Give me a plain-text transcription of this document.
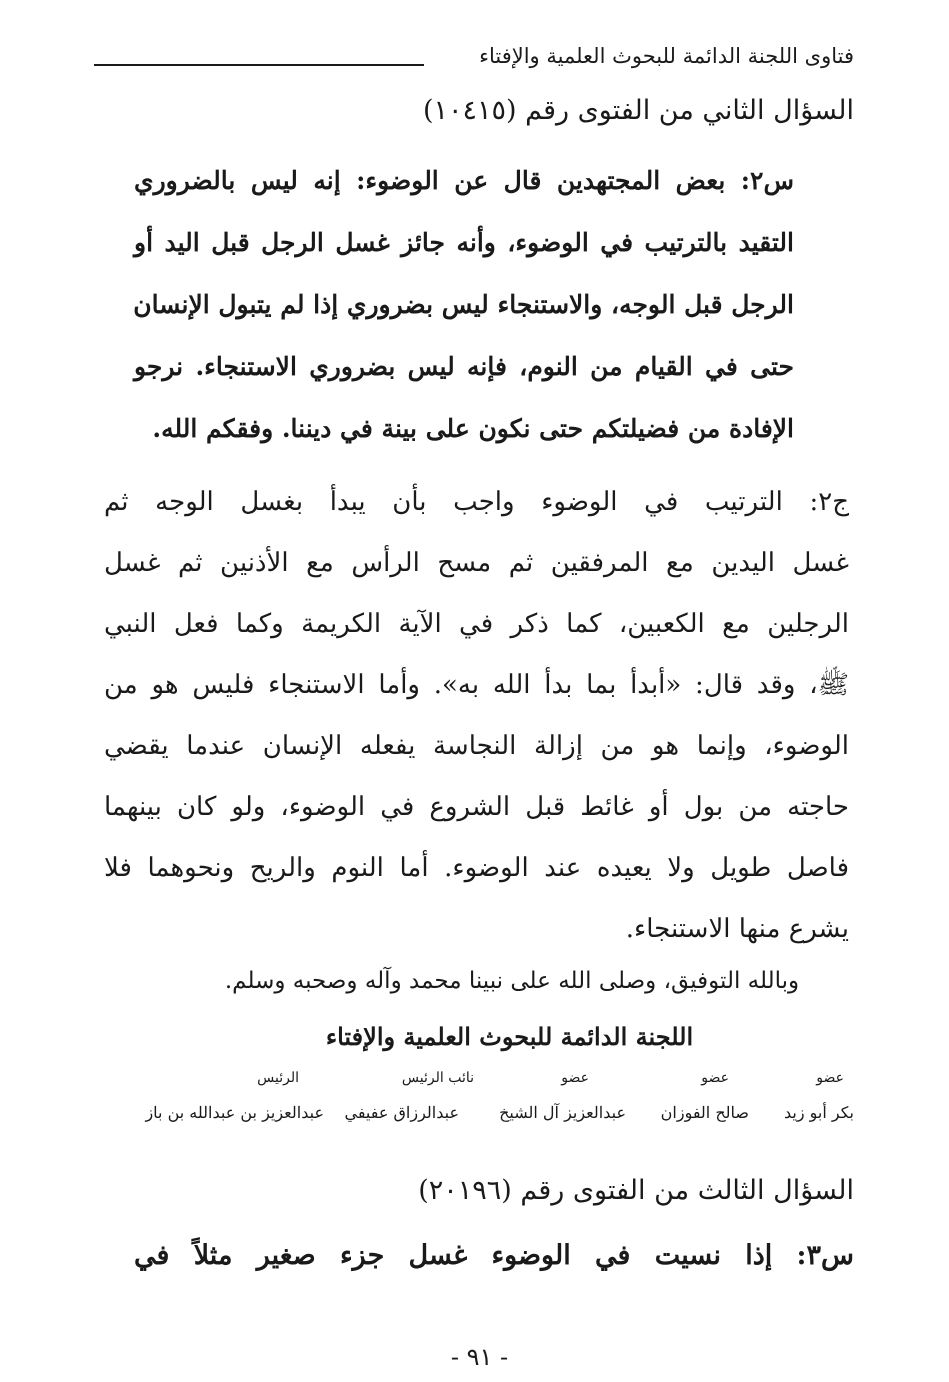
فتاوى اللجنة الدائمة للبحوث العلمية والإفتاء
السؤال الثاني من الفتوى رقم (١٠٤١٥)
س٢: بعض المجتهدين قال عن الوضوء: إنه ليس بالضروري
التقيد بالترتيب في الوضوء، وأنه جائز غسل الرجل قبل اليد أو
الرجل قبل الوجه، والاستنجاء ليس بضروري إذا لم يتبول الإنسان
حتى في القيام من النوم، فإنه ليس بضروري الاستنجاء. نرجو
الإفادة من فضيلتكم حتى نكون على بينة في ديننا. وفقكم الله.
ج٢: الترتيب في الوضوء واجب بأن يبدأ بغسل الوجه ثم
غسل اليدين مع المرفقين ثم مسح الرأس مع الأذنين ثم غسل
الرجلين مع الكعبين، كما ذكر في الآية الكريمة وكما فعل النبي
ﷺ، وقد قال: «أبدأ بما بدأ الله به». وأما الاستنجاء فليس هو من
الوضوء، وإنما هو من إزالة النجاسة يفعله الإنسان عندما يقضي
حاجته من بول أو غائط قبل الشروع في الوضوء، ولو كان بينهما
فاصل طويل ولا يعيده عند الوضوء. أما النوم والريح ونحوهما فلا
يشرع منها الاستنجاء.
وبالله التوفيق، وصلى الله على نبينا محمد وآله وصحبه وسلم.
اللجنة الدائمة للبحوث العلمية والإفتاء
عضو
عضو
عضو
نائب الرئيس
الرئيس
بكر أبو زيد
صالح الفوزان
عبدالعزيز آل الشيخ
عبدالرزاق عفيفي
عبدالعزيز بن عبدالله بن باز
السؤال الثالث من الفتوى رقم (٢٠١٩٦)
س٣: إذا نسيت في الوضوء غسل جزء صغير مثلاً في
- ٩١ -
